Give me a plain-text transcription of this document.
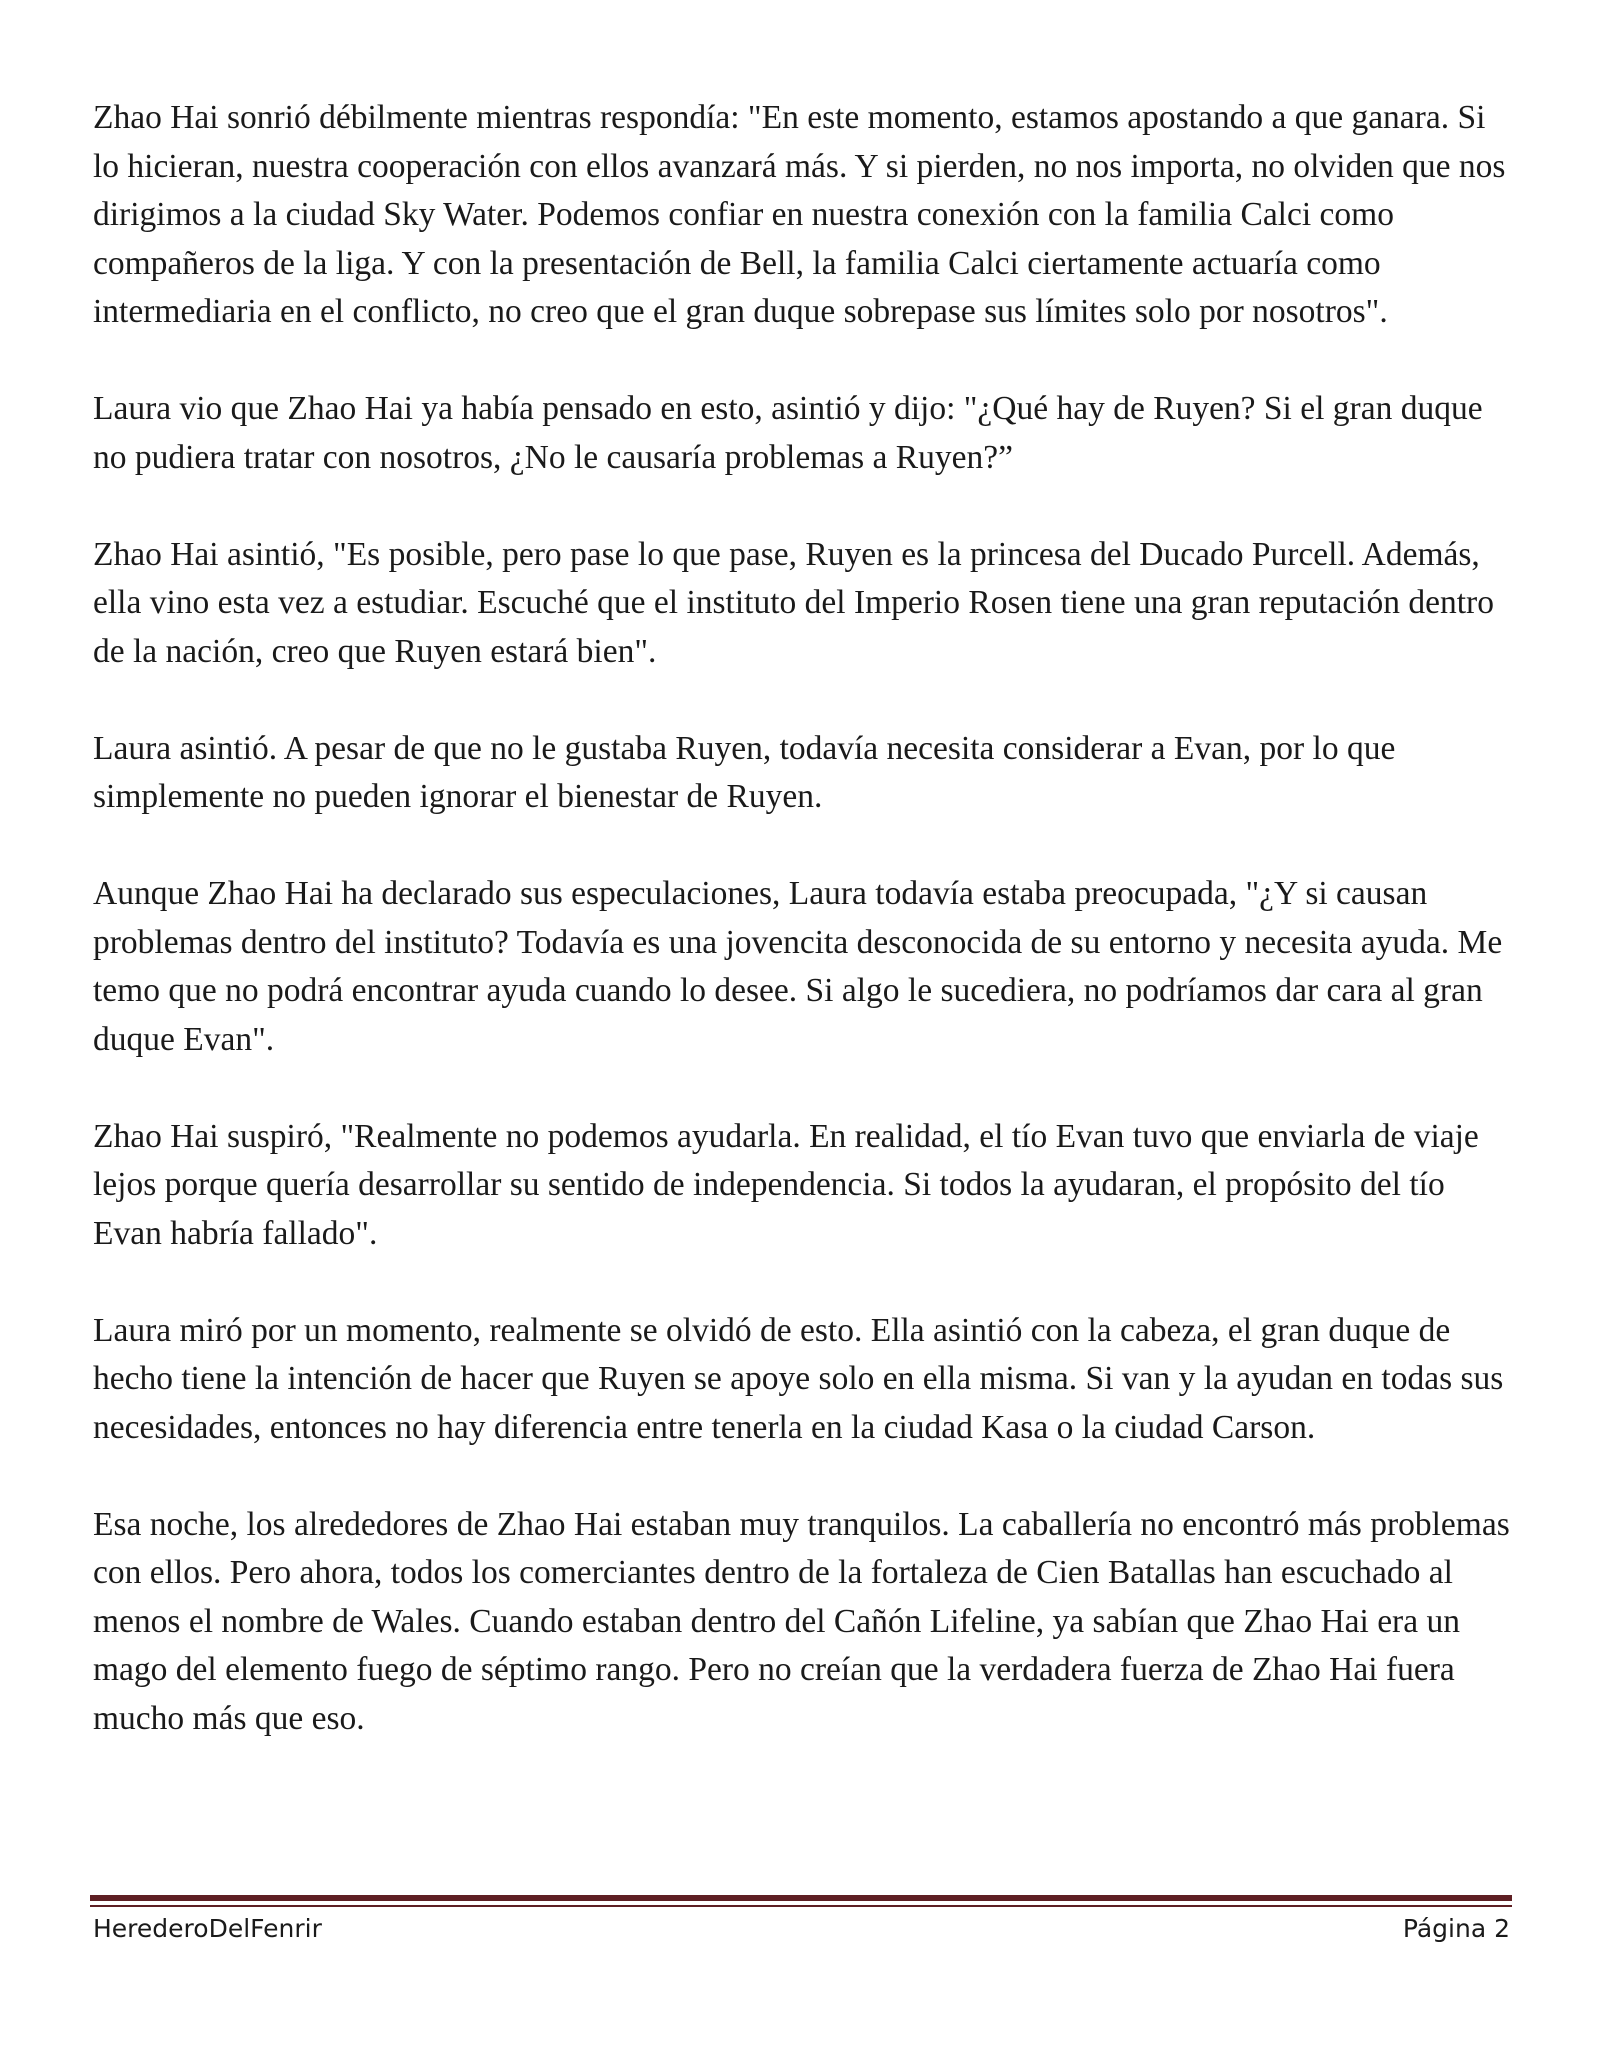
Zhao Hai sonrió débilmente mientras respondía: "En este momento, estamos apostando a que ganara. Si lo hicieran, nuestra cooperación con ellos avanzará más. Y si pierden, no nos importa, no olviden que nos dirigimos a la ciudad Sky Water. Podemos confiar en nuestra conexión con la familia Calci como compañeros de la liga. Y con la presentación de Bell, la familia Calci ciertamente actuaría como intermediaria en el conflicto, no creo que el gran duque sobrepase sus límites solo por nosotros".

Laura vio que Zhao Hai ya había pensado en esto, asintió y dijo: "¿Qué hay de Ruyen? Si el gran duque no pudiera tratar con nosotros, ¿No le causaría problemas a Ruyen?”

Zhao Hai asintió, "Es posible, pero pase lo que pase, Ruyen es la princesa del Ducado Purcell. Además, ella vino esta vez a estudiar. Escuché que el instituto del Imperio Rosen tiene una gran reputación dentro de la nación, creo que Ruyen estará bien".

Laura asintió. A pesar de que no le gustaba Ruyen, todavía necesita considerar a Evan, por lo que simplemente no pueden ignorar el bienestar de Ruyen.

Aunque Zhao Hai ha declarado sus especulaciones, Laura todavía estaba preocupada, "¿Y si causan problemas dentro del instituto? Todavía es una jovencita desconocida de su entorno y necesita ayuda. Me temo que no podrá encontrar ayuda cuando lo desee. Si algo le sucediera, no podríamos dar cara al gran duque Evan".

Zhao Hai suspiró, "Realmente no podemos ayudarla. En realidad, el tío Evan tuvo que enviarla de viaje lejos porque quería desarrollar su sentido de independencia. Si todos la ayudaran, el propósito del tío Evan habría fallado".

Laura miró por un momento, realmente se olvidó de esto. Ella asintió con la cabeza, el gran duque de hecho tiene la intención de hacer que Ruyen se apoye solo en ella misma. Si van y la ayudan en todas sus necesidades, entonces no hay diferencia entre tenerla en la ciudad Kasa o la ciudad Carson.

Esa noche, los alrededores de Zhao Hai estaban muy tranquilos. La caballería no encontró más problemas con ellos. Pero ahora, todos los comerciantes dentro de la fortaleza de Cien Batallas han escuchado al menos el nombre de Wales. Cuando estaban dentro del Cañón Lifeline, ya sabían que Zhao Hai era un mago del elemento fuego de séptimo rango. Pero no creían que la verdadera fuerza de Zhao Hai fuera mucho más que eso.

HerederoDelFenrir	Página 2
